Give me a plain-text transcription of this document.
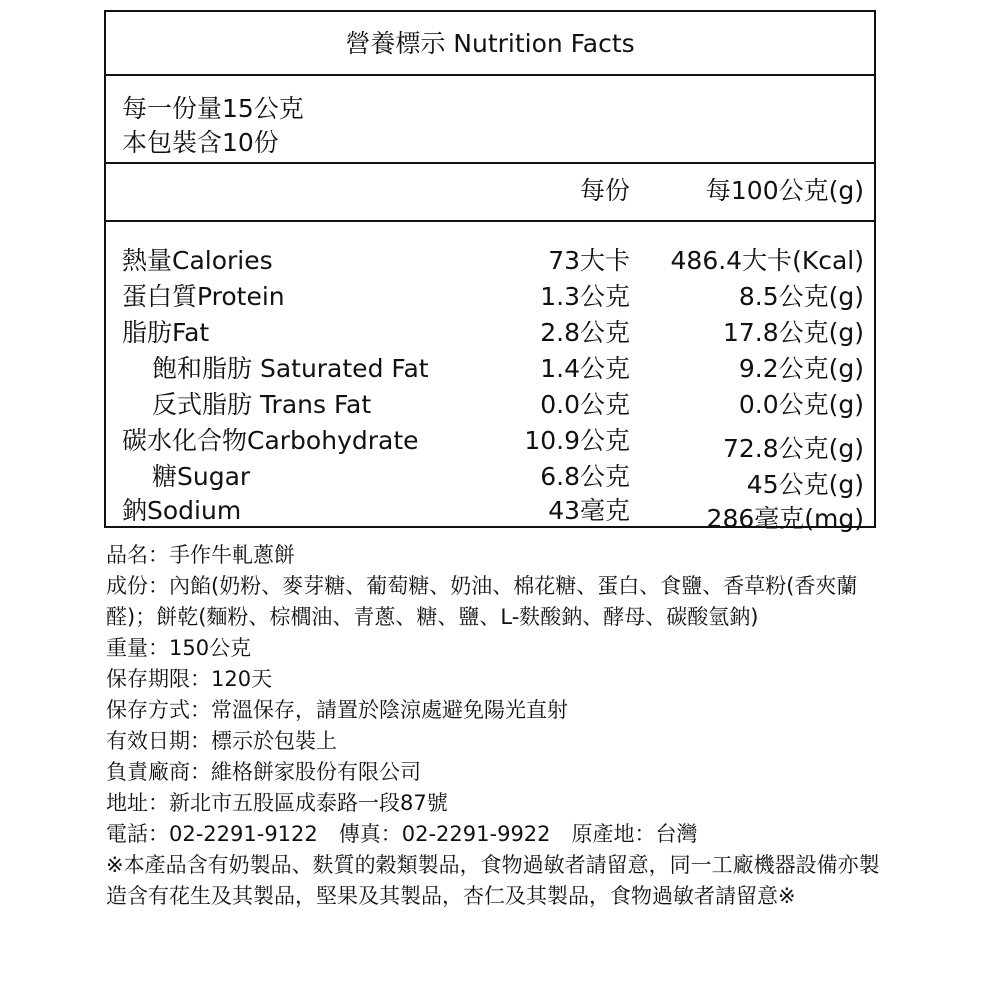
營養標示 Nutrition Facts
每一份量15公克
本包裝含10份
每份	每100公克(g)
熱量Calories	73大卡 486.4大卡(Kcal)
蛋白質Protein	1.3公克	8.5公克(g)
脂肪Fat	2.8公克	17.8公克(g)
飽和脂肪 Saturated Fat	1.4公克	9.2公克(g)
反式脂肪 Trans Fat	0.0公克	0.0公克(g)
碳水化合物Carbohydrate	10.9公克	72.8公克(g)
糖Sugar	6.8公克	45公克(g)
鈉Sodium	43毫克	286毫克(mg)
品名：手作牛軋蔥餅
成份：內餡(奶粉、麥芽糖、葡萄糖、奶油、棉花糖、蛋白、食鹽、香草粉(香夾蘭醛)；餅乾(麵粉、棕櫚油、青蔥、糖、鹽、L-麩酸鈉、酵母、碳酸氫鈉)
重量：150公克
保存期限：120天
保存方式：常溫保存，請置於陰涼處避免陽光直射
有效日期：標示於包裝上
負責廠商：維格餅家股份有限公司
地址：新北市五股區成泰路一段87號
電話：02-2291-9122　傳真：02-2291-9922　原產地：台灣
※本產品含有奶製品、麩質的穀類製品，食物過敏者請留意，同一工廠機器設備亦製造含有花生及其製品，堅果及其製品，杏仁及其製品，食物過敏者請留意※
